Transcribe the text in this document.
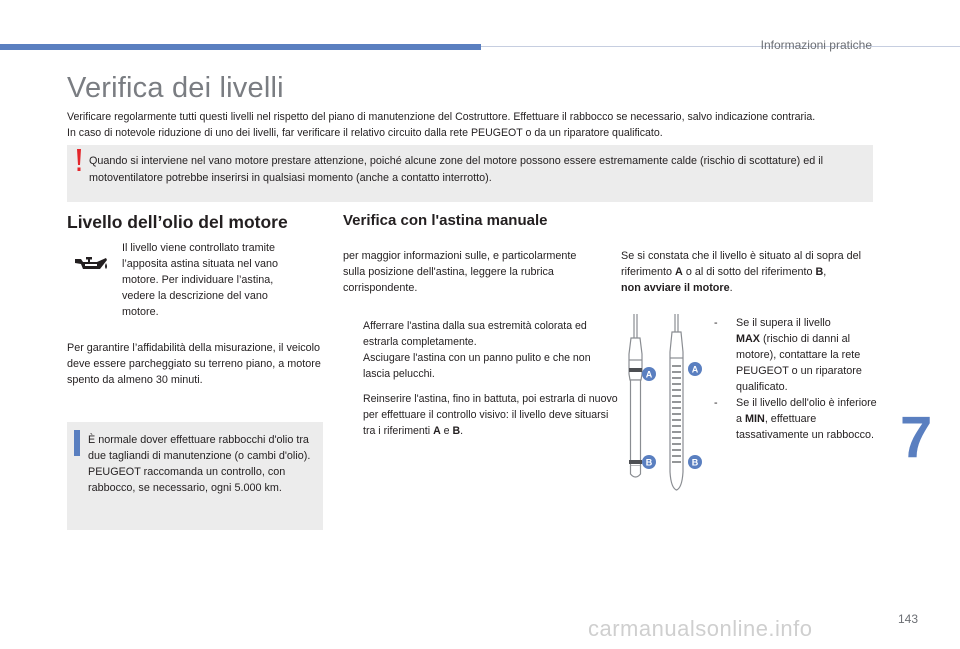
Informazioni pratiche
Verifica dei livelli
Verificare regolarmente tutti questi livelli nel rispetto del piano di manutenzione del Costruttore. Effettuare il rabbocco se necessario, salvo indicazione contraria.
In caso di notevole riduzione di uno dei livelli, far verificare il relativo circuito dalla rete PEUGEOT o da un riparatore qualificato.

Quando si interviene nel vano motore prestare attenzione, poiché alcune zone del motore possono essere estremamente calde (rischio di scottature) ed il motoventilatore potrebbe inserirsi in qualsiasi momento (anche a contatto interrotto).

Livello dell’olio del motore

Il livello viene controllato tramite l’apposita astina situata nel vano motore. Per individuare l’astina, vedere la descrizione del vano motore.

Per garantire l’affidabilità della misurazione, il veicolo deve essere parcheggiato su terreno piano, a motore spento da almeno 30 minuti.

È normale dover effettuare rabbocchi d'olio tra due tagliandi di manutenzione (o cambi d'olio). PEUGEOT raccomanda un controllo, con rabbocco, se necessario, ogni 5.000 km.

Verifica con l'astina manuale

per maggior informazioni sulle, e particolarmente sulla posizione dell'astina, leggere la rubrica corrispondente.

Afferrare l'astina dalla sua estremità colorata ed estrarla completamente.
Asciugare l'astina con un panno pulito e che non lascia pelucchi.
Reinserire l'astina, fino in battuta, poi estrarla di nuovo per effettuare il controllo visivo: il livello deve situarsi tra i riferimenti A e B.

Se si constata che il livello è situato al di sopra del riferimento A o al di sotto del riferimento B,
non avviare il motore.

A	A
B	B
-	Se il supera il livello
MAX (rischio di danni al motore), contattare la rete PEUGEOT o un riparatore qualificato.
-	Se il livello dell'olio è inferiore a MIN, effettuare tassativamente un rabbocco. 7
143
carmanualsonline.info
